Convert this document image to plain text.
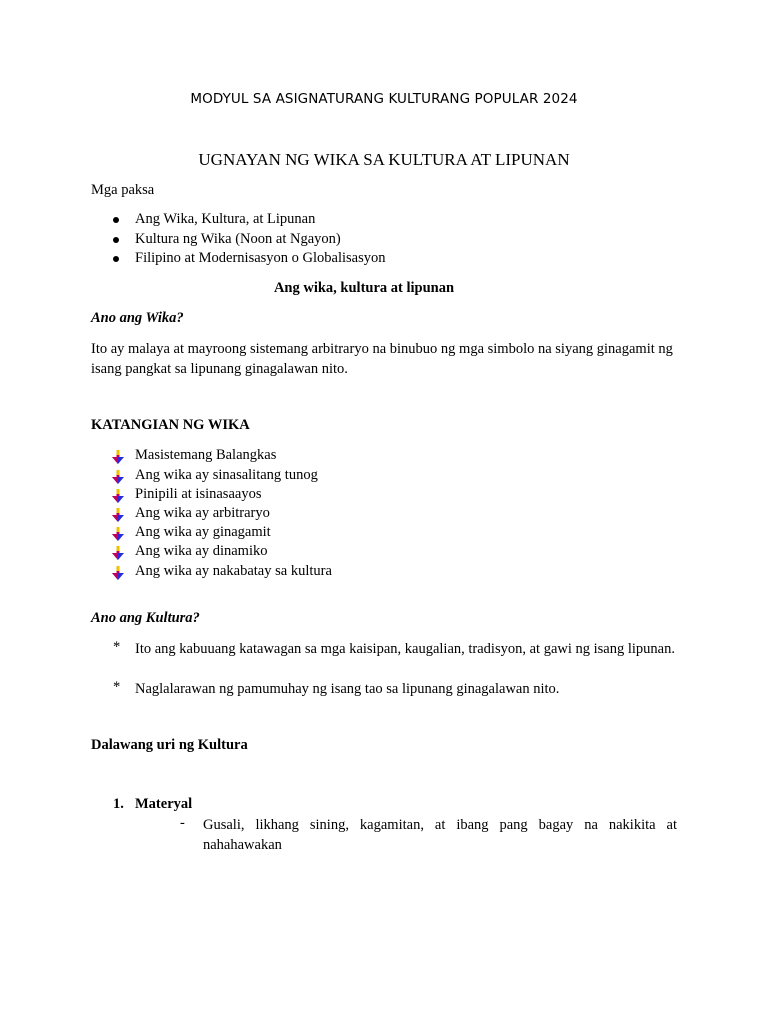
MODYUL SA ASIGNATURANG KULTURANG POPULAR 2024
UGNAYAN NG WIKA SA KULTURA AT LIPUNAN
Mga paksa
Ang Wika, Kultura, at Lipunan
Kultura ng Wika (Noon at Ngayon)
Filipino at Modernisasyon o Globalisasyon
Ang wika, kultura at lipunan
Ano ang Wika?
Ito ay malaya at mayroong sistemang arbitraryo na binubuo ng mga simbolo na siyang ginagamit ng isang pangkat sa lipunang ginagalawan nito.
KATANGIAN NG WIKA
Masistemang Balangkas
Ang wika ay sinasalitang tunog
Pinipili at isinasaayos
Ang wika ay arbitraryo
Ang wika ay ginagamit
Ang wika ay dinamiko
Ang wika ay nakabatay sa kultura
Ano ang Kultura?
* Ito ang kabuuang katawagan sa mga kaisipan, kaugalian, tradisyon, at gawi ng isang lipunan.
* Naglalarawan ng pamumuhay ng isang tao sa lipunang ginagalawan nito.
Dalawang uri ng Kultura
1. Materyal
- Gusali, likhang sining, kagamitan, at ibang pang bagay na nakikita at nahahawakan
